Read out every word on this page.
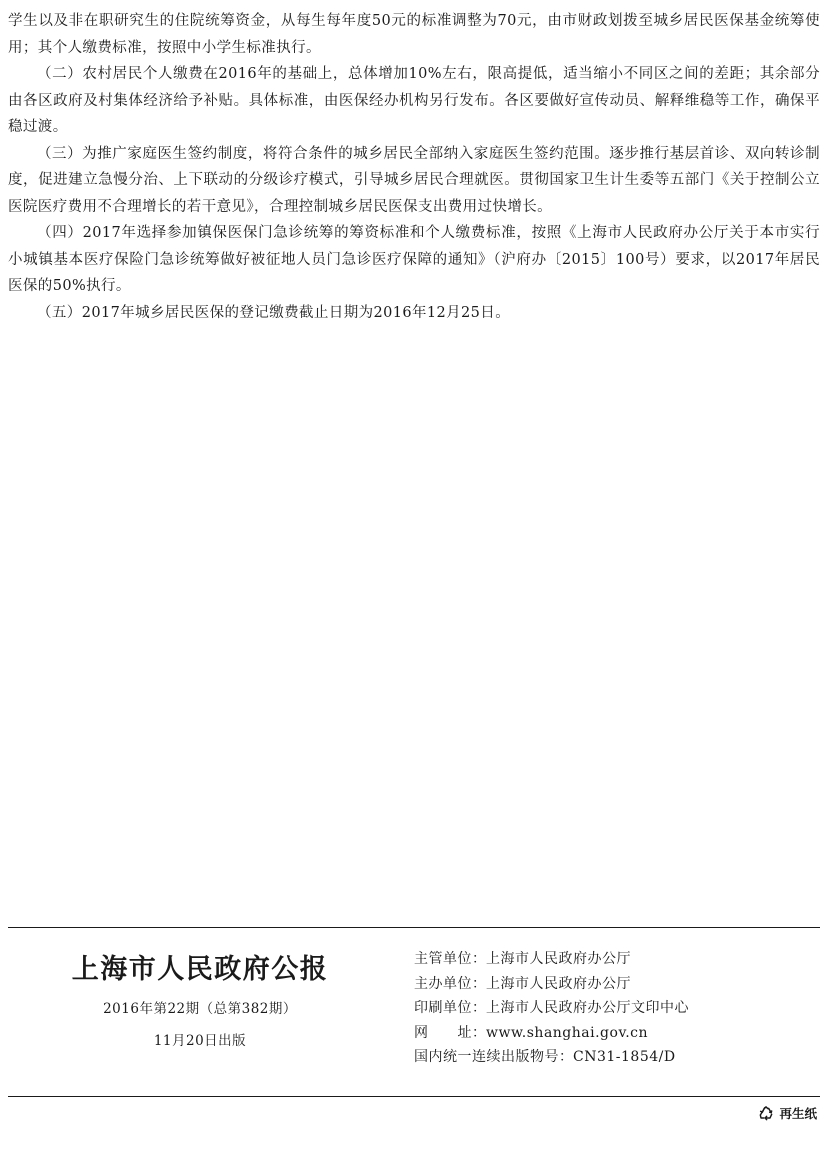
学生以及非在职研究生的住院统筹资金，从每生每年度50元的标准调整为70元，由市财政划拨至城乡居民医保基金统筹使用；其个人缴费标准，按照中小学生标准执行。

（二）农村居民个人缴费在2016年的基础上，总体增加10%左右，限高提低，适当缩小不同区之间的差距；其余部分由各区政府及村集体经济给予补贴。具体标准，由医保经办机构另行发布。各区要做好宣传动员、解释维稳等工作，确保平稳过渡。

（三）为推广家庭医生签约制度，将符合条件的城乡居民全部纳入家庭医生签约范围。逐步推行基层首诊、双向转诊制度，促进建立急慢分治、上下联动的分级诊疗模式，引导城乡居民合理就医。贯彻国家卫生计生委等五部门《关于控制公立医院医疗费用不合理增长的若干意见》，合理控制城乡居民医保支出费用过快增长。

（四）2017年选择参加镇保医保门急诊统筹的筹资标准和个人缴费标准，按照《上海市人民政府办公厅关于本市实行小城镇基本医疗保险门急诊统筹做好被征地人员门急诊医疗保障的通知》（沪府办〔2015〕100号）要求，以2017年居民医保的50%执行。

（五）2017年城乡居民医保的登记缴费截止日期为2016年12月25日。

上海市人民政府公报
2016年第22期（总第382期）
11月20日出版
主管单位 ： 上海市人民政府办公厅
主办单位 ： 上海市人民政府办公厅
印刷单位 ： 上海市人民政府办公厅文印中心
网　　址 ： www.shanghai.gov.cn
国内统一连续出版物号 ： CN31-1854/D
再生纸
